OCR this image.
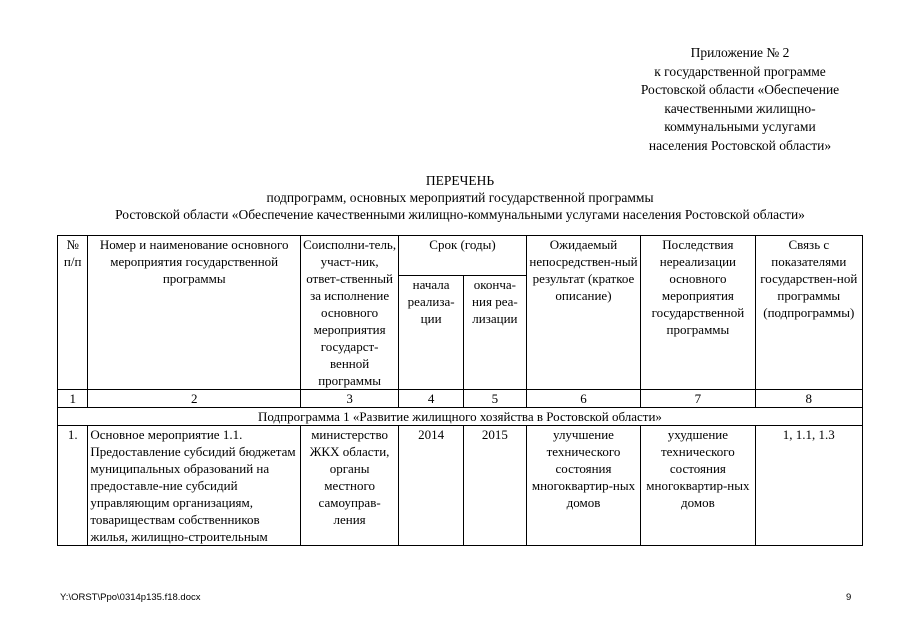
Приложение № 2
к государственной программе
Ростовской области «Обеспечение
качественными жилищно-
коммунальными услугами
населения Ростовской области»
ПЕРЕЧЕНЬ
подпрограмм, основных мероприятий государственной программы
Ростовской области «Обеспечение качественными жилищно-коммунальными услугами населения Ростовской области»
№ п/п	Номер и наименование основного мероприятия государственной программы	Соисполни-тель, участ-ник, ответ-ственный за исполнение основного мероприятия государст-венной программы	Срок (годы)		Ожидаемый непосредствен-ный результат (краткое описание)	Последствия нереализации основного мероприятия государственной программы	Связь с показателями государствен-ной программы (подпрограммы)
			начала реализа-ции	оконча-ния реа-лизации			
1	2	3	4	5	6	7	8
Подпрограмма 1 «Развитие жилищного хозяйства в Ростовской области»							
1.	Основное мероприятие 1.1. Предоставление субсидий бюджетам муниципальных образований на предоставле-ние субсидий управляющим организациям, товариществам собственников жилья, жилищно-строительным	министерство ЖКХ области, органы местного самоуправ-ления	2014	2015	улучшение технического состояния многоквартир-ных домов	ухудшение технического состояния многоквартир-ных домов	1, 1.1, 1.3
Y:\ORST\Ppo\0314p135.f18.docx	9
